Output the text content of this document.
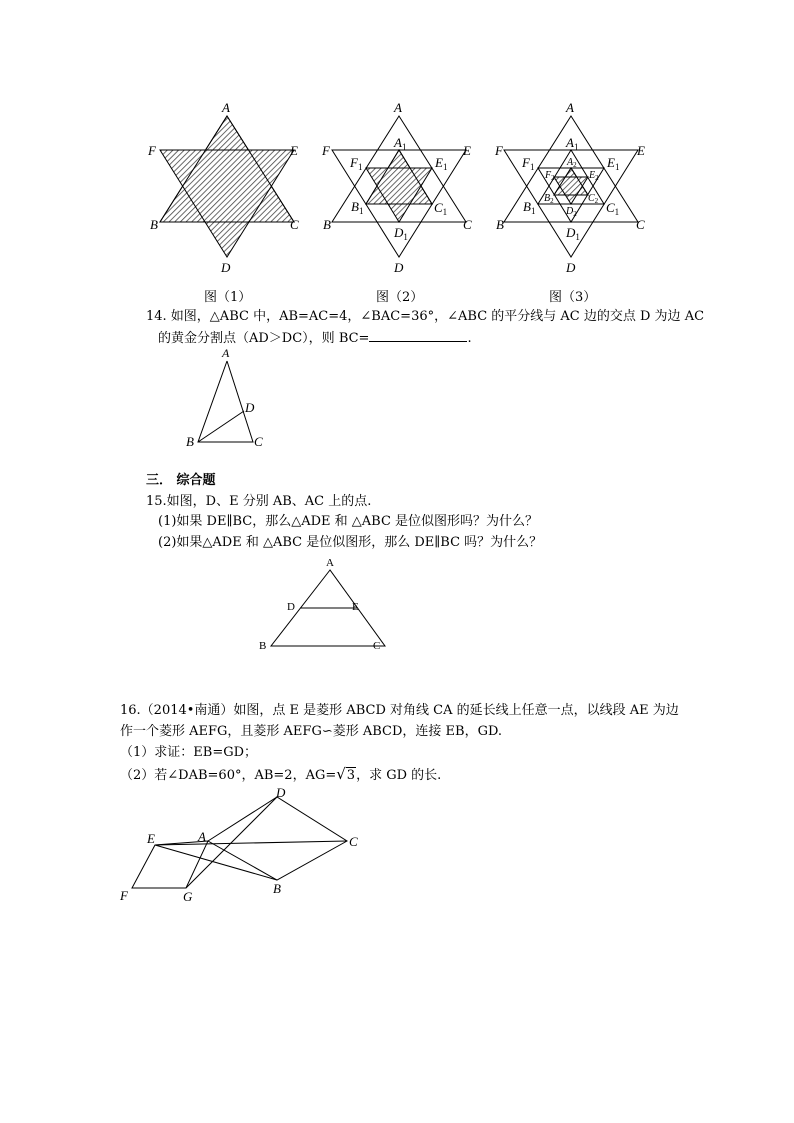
A
F	E
B	C
D
A
F	E
B	C
D
$A_1$
$F_1$	$E_1$
$B_1$	$C_1$
$D_1$
A
F	E
B	C
D
$A_1$
$F_1$	$E_1$
$B_1$	$C_1$
$D_1$
$A_2$
$F_2$	$E_2$
$B_2$	$C_2$
$D_2$
图（1）	图（2）	图（3）
14. 如图，△ABC 中，AB=AC=4，∠BAC=36°，∠ABC 的平分线与 AC 边的交点 D 为边 AC
的黄金分割点（AD＞DC），则 BC=	.
A
D
B	C
三． 综合题
15.如图，D、E 分别 AB、AC 上的点.
(1)如果 DE∥BC，那么△ADE 和 △ABC 是位似图形吗？为什么？
(2)如果△ADE 和 △ABC 是位似图形，那么 DE∥BC 吗？为什么？
A
D	E
B	C
16.（2014•南通）如图，点 E 是菱形 ABCD 对角线 CA 的延长线上任意一点，以线段 AE 为边
作一个菱形 AEFG，且菱形 AEFG∽菱形 ABCD，连接 EB，GD.
（1）求证：EB=GD；
（2）若∠DAB=60°，AB=2，AG=√3，求 GD 的长.
D
E	A	C
B
F	G
